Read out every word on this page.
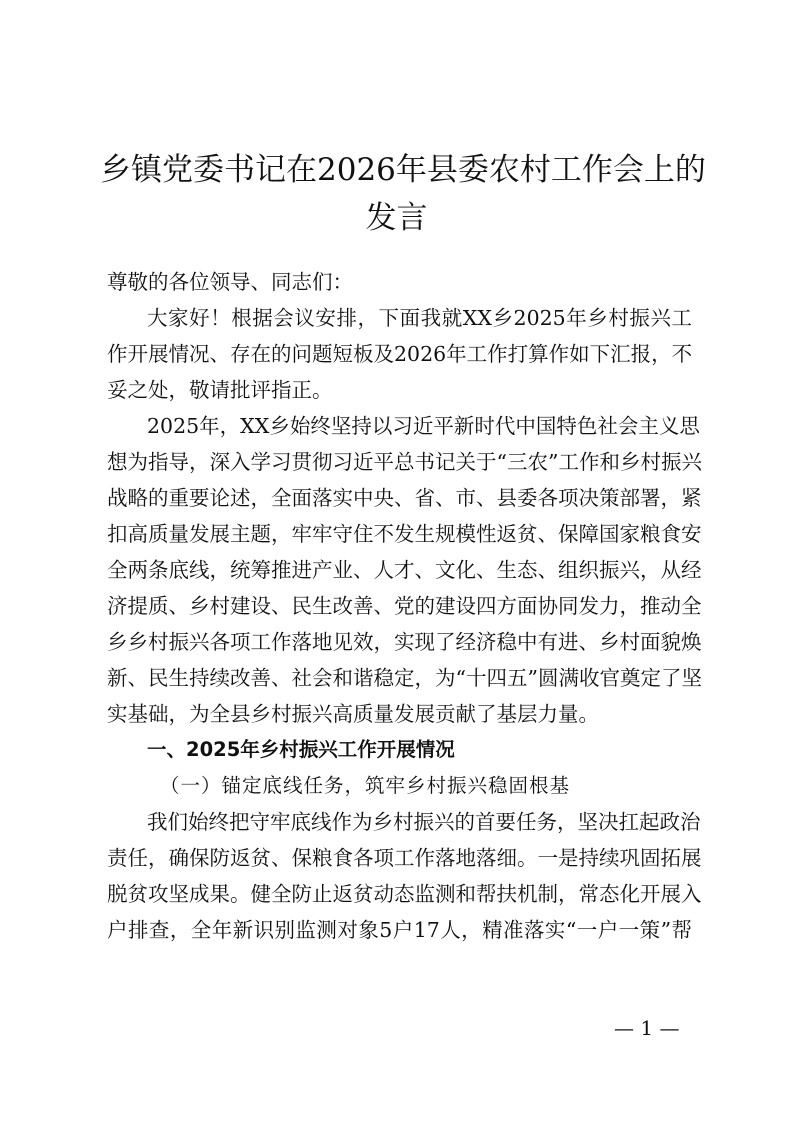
乡镇党委书记在2026年县委农村工作会上的
发言
尊敬的各位领导、同志们：
大家好！根据会议安排，下面我就XX乡2025年乡村振兴工
作开展情况、存在的问题短板及2026年工作打算作如下汇报，不
妥之处，敬请批评指正。
2025年，XX乡始终坚持以习近平新时代中国特色社会主义思
想为指导，深入学习贯彻习近平总书记关于“三农”工作和乡村振兴
战略的重要论述，全面落实中央、省、市、县委各项决策部署，紧
扣高质量发展主题，牢牢守住不发生规模性返贫、保障国家粮食安
全两条底线，统筹推进产业、人才、文化、生态、组织振兴，从经
济提质、乡村建设、民生改善、党的建设四方面协同发力，推动全
乡乡村振兴各项工作落地见效，实现了经济稳中有进、乡村面貌焕
新、民生持续改善、社会和谐稳定，为“十四五”圆满收官奠定了坚
实基础，为全县乡村振兴高质量发展贡献了基层力量。
一、2025年乡村振兴工作开展情况
（一）锚定底线任务，筑牢乡村振兴稳固根基
我们始终把守牢底线作为乡村振兴的首要任务，坚决扛起政治
责任，确保防返贫、保粮食各项工作落地落细。一是持续巩固拓展
脱贫攻坚成果。健全防止返贫动态监测和帮扶机制，常态化开展入
户排查，全年新识别监测对象5户17人，精准落实“一户一策”帮
— 1 —
